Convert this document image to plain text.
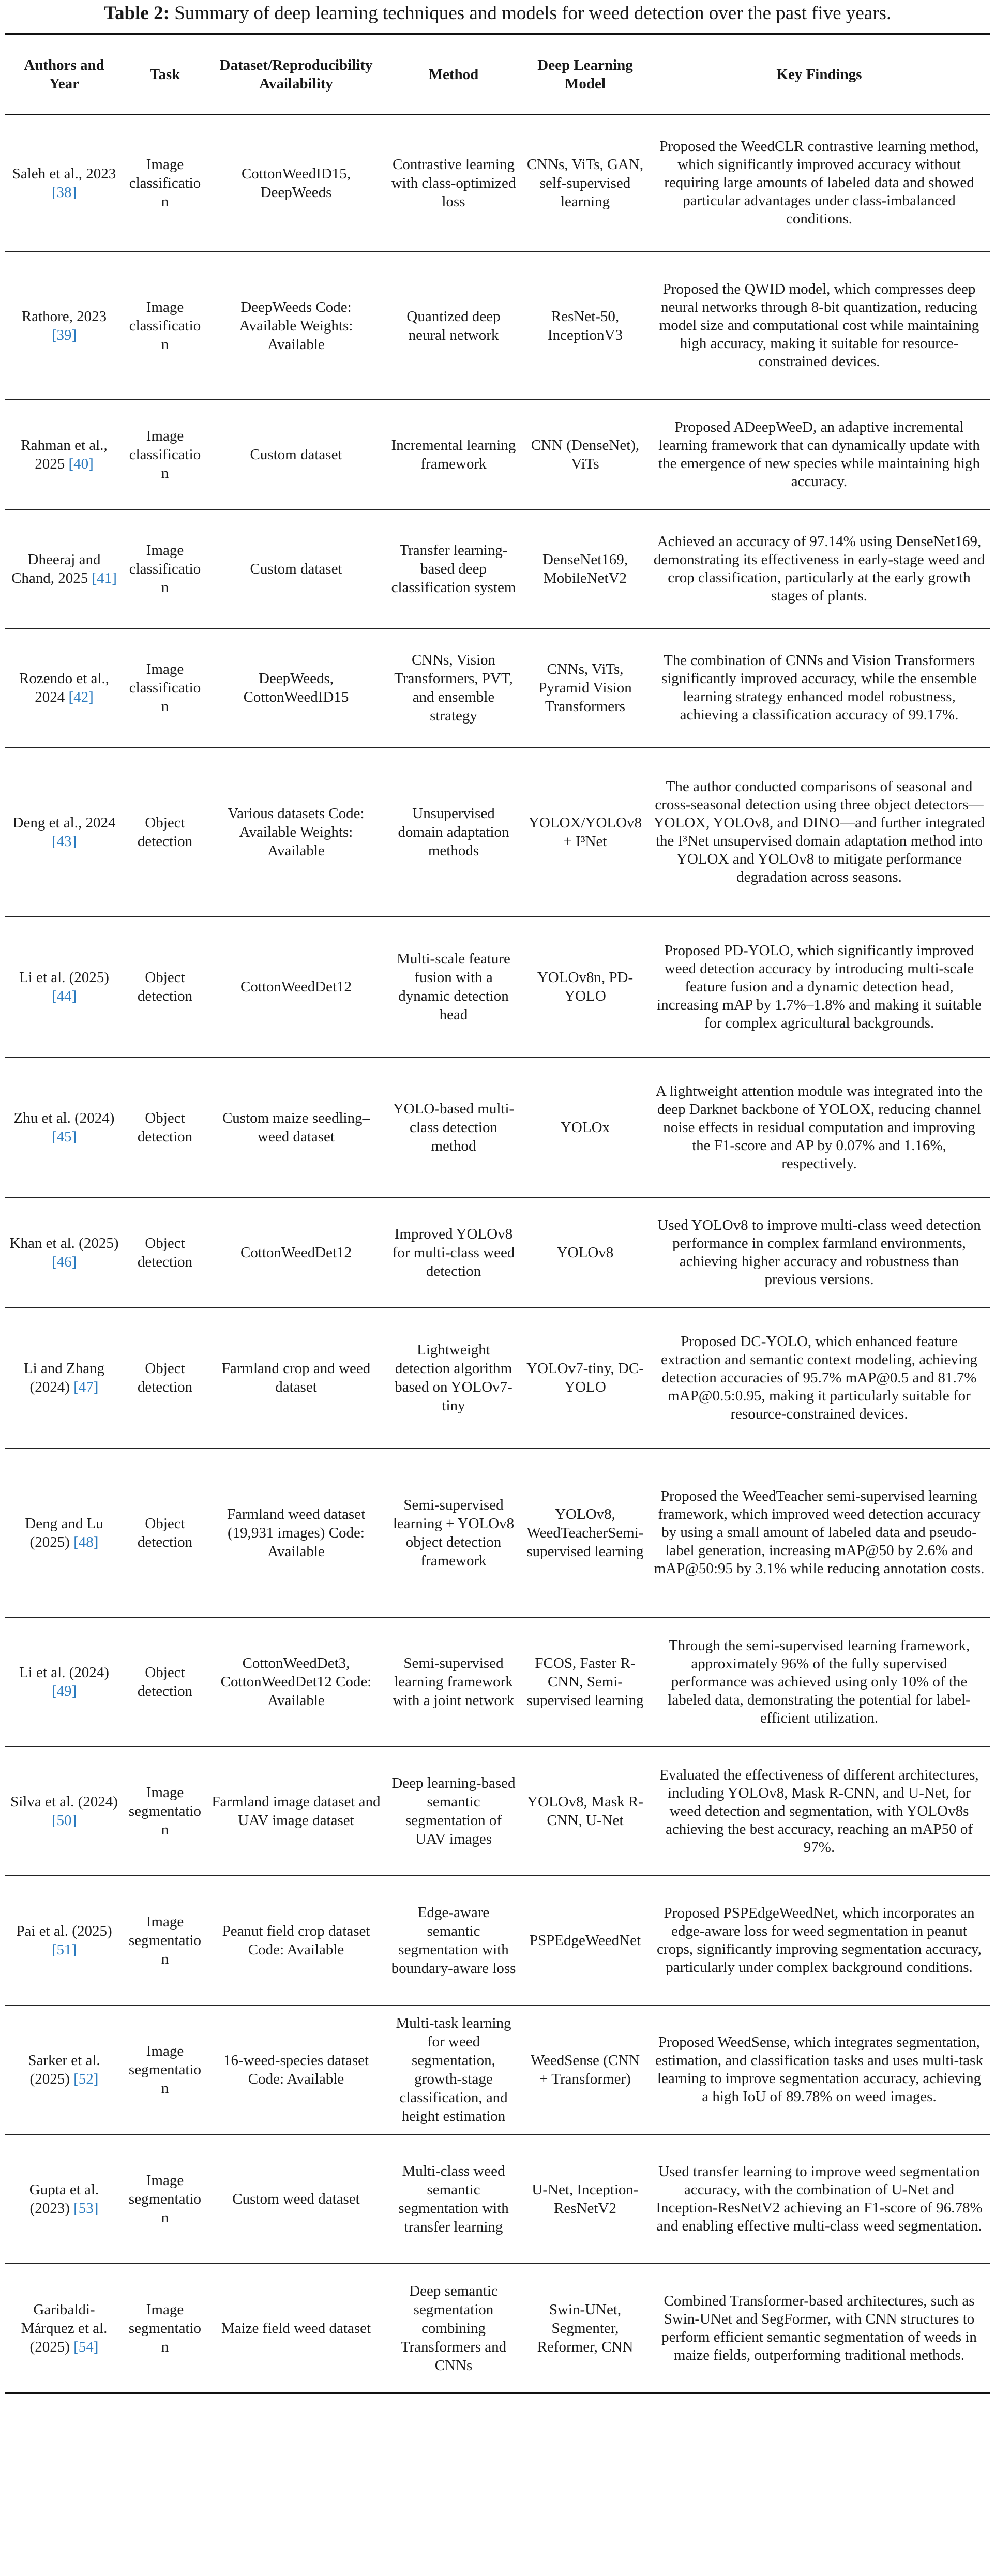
Table 2: Summary of deep learning techniques and models for weed detection over the past five years.
Authors and Year	Task	Dataset/Reproducibility Availability	Method	Deep Learning Model	Key Findings
Saleh et al., 2023 [38]	Image classification	CottonWeedID15, DeepWeeds	Contrastive learning with class-optimized loss	CNNs, ViTs, GAN, self-supervised learning	Proposed the WeedCLR contrastive learning method, which significantly improved accuracy without requiring large amounts of labeled data and showed particular advantages under class-imbalanced conditions.
Rathore, 2023 [39]	Image classification	DeepWeeds Code: Available Weights: Available	Quantized deep neural network	ResNet-50, InceptionV3	Proposed the QWID model, which compresses deep neural networks through 8-bit quantization, reducing model size and computational cost while maintaining high accuracy, making it suitable for resource-constrained devices.
Rahman et al., 2025 [40]	Image classification	Custom dataset	Incremental learning framework	CNN (DenseNet), ViTs	Proposed ADeepWeeD, an adaptive incremental learning framework that can dynamically update with the emergence of new species while maintaining high accuracy.
Dheeraj and Chand, 2025 [41]	Image classification	Custom dataset	Transfer learning-based deep classification system	DenseNet169, MobileNetV2	Achieved an accuracy of 97.14% using DenseNet169, demonstrating its effectiveness in early-stage weed and crop classification, particularly at the early growth stages of plants.
Rozendo et al., 2024 [42]	Image classification	DeepWeeds, CottonWeedID15	CNNs, Vision Transformers, PVT, and ensemble strategy	CNNs, ViTs, Pyramid Vision Transformers	The combination of CNNs and Vision Transformers significantly improved accuracy, while the ensemble learning strategy enhanced model robustness, achieving a classification accuracy of 99.17%.
Deng et al., 2024 [43]	Object detection	Various datasets Code: Available Weights: Available	Unsupervised domain adaptation methods	YOLOX/YOLOv8 + I³Net	The author conducted comparisons of seasonal and cross-seasonal detection using three object detectors—YOLOX, YOLOv8, and DINO—and further integrated the I³Net unsupervised domain adaptation method into YOLOX and YOLOv8 to mitigate performance degradation across seasons.
Li et al. (2025) [44]	Object detection	CottonWeedDet12	Multi-scale feature fusion with a dynamic detection head	YOLOv8n, PD-YOLO	Proposed PD-YOLO, which significantly improved weed detection accuracy by introducing multi-scale feature fusion and a dynamic detection head, increasing mAP by 1.7%–1.8% and making it suitable for complex agricultural backgrounds.
Zhu et al. (2024) [45]	Object detection	Custom maize seedling–weed dataset	YOLO-based multi-class detection method	YOLOx	A lightweight attention module was integrated into the deep Darknet backbone of YOLOX, reducing channel noise effects in residual computation and improving the F1-score and AP by 0.07% and 1.16%, respectively.
Khan et al. (2025) [46]	Object detection	CottonWeedDet12	Improved YOLOv8 for multi-class weed detection	YOLOv8	Used YOLOv8 to improve multi-class weed detection performance in complex farmland environments, achieving higher accuracy and robustness than previous versions.
Li and Zhang (2024) [47]	Object detection	Farmland crop and weed dataset	Lightweight detection algorithm based on YOLOv7-tiny	YOLOv7-tiny, DC-YOLO	Proposed DC-YOLO, which enhanced feature extraction and semantic context modeling, achieving detection accuracies of 95.7% mAP@0.5 and 81.7% mAP@0.5:0.95, making it particularly suitable for resource-constrained devices.
Deng and Lu (2025) [48]	Object detection	Farmland weed dataset (19,931 images) Code: Available	Semi-supervised learning + YOLOv8 object detection framework	YOLOv8, WeedTeacherSemi-supervised learning	Proposed the WeedTeacher semi-supervised learning framework, which improved weed detection accuracy by using a small amount of labeled data and pseudo-label generation, increasing mAP@50 by 2.6% and mAP@50:95 by 3.1% while reducing annotation costs.
Li et al. (2024) [49]	Object detection	CottonWeedDet3, CottonWeedDet12 Code: Available	Semi-supervised learning framework with a joint network	FCOS, Faster R-CNN, Semi-supervised learning	Through the semi-supervised learning framework, approximately 96% of the fully supervised performance was achieved using only 10% of the labeled data, demonstrating the potential for label-efficient utilization.
Silva et al. (2024) [50]	Image segmentation	Farmland image dataset and UAV image dataset	Deep learning-based semantic segmentation of UAV images	YOLOv8, Mask R-CNN, U-Net	Evaluated the effectiveness of different architectures, including YOLOv8, Mask R-CNN, and U-Net, for weed detection and segmentation, with YOLOv8s achieving the best accuracy, reaching an mAP50 of 97%.
Pai et al. (2025) [51]	Image segmentation	Peanut field crop dataset Code: Available	Edge-aware semantic segmentation with boundary-aware loss	PSPEdgeWeedNet	Proposed PSPEdgeWeedNet, which incorporates an edge-aware loss for weed segmentation in peanut crops, significantly improving segmentation accuracy, particularly under complex background conditions.
Sarker et al. (2025) [52]	Image segmentation	16-weed-species dataset Code: Available	Multi-task learning for weed segmentation, growth-stage classification, and height estimation	WeedSense (CNN + Transformer)	Proposed WeedSense, which integrates segmentation, estimation, and classification tasks and uses multi-task learning to improve segmentation accuracy, achieving a high IoU of 89.78% on weed images.
Gupta et al. (2023) [53]	Image segmentation	Custom weed dataset	Multi-class weed semantic segmentation with transfer learning	U-Net, Inception-ResNetV2	Used transfer learning to improve weed segmentation accuracy, with the combination of U-Net and Inception-ResNetV2 achieving an F1-score of 96.78% and enabling effective multi-class weed segmentation.
Garibaldi-Márquez et al. (2025) [54]	Image segmentation	Maize field weed dataset	Deep semantic segmentation combining Transformers and CNNs	Swin-UNet, Segmenter, Reformer, CNN	Combined Transformer-based architectures, such as Swin-UNet and SegFormer, with CNN structures to perform efficient semantic segmentation of weeds in maize fields, outperforming traditional methods.
